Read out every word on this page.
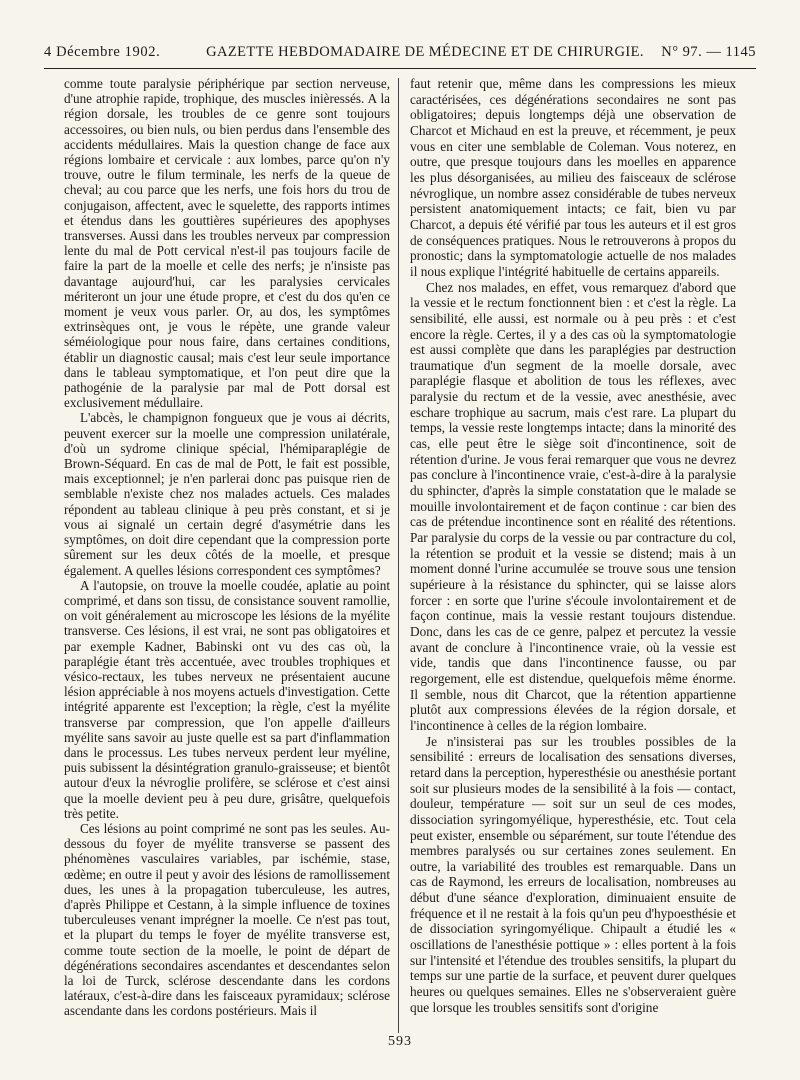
4 Décembre 1902.	GAZETTE HEBDOMADAIRE DE MÉDECINE ET DE CHIRURGIE.	N° 97. — 1145

comme toute paralysie périphérique par section nerveuse, d'une atrophie rapide, trophique, des muscles inièressés. A la région dorsale, les troubles de ce genre sont toujours accessoires, ou bien nuls, ou bien perdus dans l'ensemble des accidents médullaires. Mais la question change de face aux régions lombaire et cervicale : aux lombes, parce qu'on n'y trouve, outre le filum terminale, les nerfs de la queue de cheval; au cou parce que les nerfs, une fois hors du trou de conjugaison, affectent, avec le squelette, des rapports intimes et étendus dans les gouttières supérieures des apophyses transverses. Aussi dans les troubles nerveux par compression lente du mal de Pott cervical n'est-il pas toujours facile de faire la part de la moelle et celle des nerfs; je n'insiste pas davantage aujourd'hui, car les paralysies cervicales mériteront un jour une étude propre, et c'est du dos qu'en ce moment je veux vous parler. Or, au dos, les symptômes extrinsèques ont, je vous le répète, une grande valeur séméiologique pour nous faire, dans certaines conditions, établir un diagnostic causal; mais c'est leur seule importance dans le tableau symptomatique, et l'on peut dire que la pathogénie de la paralysie par mal de Pott dorsal est exclusivement médullaire.

L'abcès, le champignon fongueux que je vous ai décrits, peuvent exercer sur la moelle une compression unilatérale, d'où un sydrome clinique spécial, l'hémiparaplégie de Brown-Séquard. En cas de mal de Pott, le fait est possible, mais exceptionnel; je n'en parlerai donc pas puisque rien de semblable n'existe chez nos malades actuels. Ces malades répondent au tableau clinique à peu près constant, et si je vous ai signalé un certain degré d'asymétrie dans les symptômes, on doit dire cependant que la compression porte sûrement sur les deux côtés de la moelle, et presque également. A quelles lésions correspondent ces symptômes?

A l'autopsie, on trouve la moelle coudée, aplatie au point comprimé, et dans son tissu, de consistance souvent ramollie, on voit généralement au microscope les lésions de la myélite transverse. Ces lésions, il est vrai, ne sont pas obligatoires et par exemple Kadner, Babinski ont vu des cas où, la paraplégie étant très accentuée, avec troubles trophiques et vésico-rectaux, les tubes nerveux ne présentaient aucune lésion appréciable à nos moyens actuels d'investigation. Cette intégrité apparente est l'exception; la règle, c'est la myélite transverse par compression, que l'on appelle d'ailleurs myélite sans savoir au juste quelle est sa part d'inflammation dans le processus. Les tubes nerveux perdent leur myéline, puis subissent la désintégration granulo-graisseuse; et bientôt autour d'eux la névroglie prolifère, se sclérose et c'est ainsi que la moelle devient peu à peu dure, grisâtre, quelquefois très petite.

Ces lésions au point comprimé ne sont pas les seules. Au-dessous du foyer de myélite transverse se passent des phénomènes vasculaires variables, par ischémie, stase, œdème; en outre il peut y avoir des lésions de ramollissement dues, les unes à la propagation tuberculeuse, les autres, d'après Philippe et Cestann, à la simple influence de toxines tuberculeuses venant imprégner la moelle. Ce n'est pas tout, et la plupart du temps le foyer de myélite transverse est, comme toute section de la moelle, le point de départ de dégénérations secondaires ascendantes et descendantes selon la loi de Turck, sclérose descendante dans les cordons latéraux, c'est-à-dire dans les faisceaux pyramidaux; sclérose ascendante dans les cordons postérieurs. Mais il

faut retenir que, même dans les compressions les mieux caractérisées, ces dégénérations secondaires ne sont pas obligatoires; depuis longtemps déjà une observation de Charcot et Michaud en est la preuve, et récemment, je peux vous en citer une semblable de Coleman. Vous noterez, en outre, que presque toujours dans les moelles en apparence les plus désorganisées, au milieu des faisceaux de sclérose névroglique, un nombre assez considérable de tubes nerveux persistent anatomiquement intacts; ce fait, bien vu par Charcot, a depuis été vérifié par tous les auteurs et il est gros de conséquences pratiques. Nous le retrouverons à propos du pronostic; dans la symptomatologie actuelle de nos malades il nous explique l'intégrité habituelle de certains appareils.

Chez nos malades, en effet, vous remarquez d'abord que la vessie et le rectum fonctionnent bien : et c'est la règle. La sensibilité, elle aussi, est normale ou à peu près : et c'est encore la règle. Certes, il y a des cas où la symptomatologie est aussi complète que dans les paraplégies par destruction traumatique d'un segment de la moelle dorsale, avec paraplégie flasque et abolition de tous les réflexes, avec paralysie du rectum et de la vessie, avec anesthésie, avec eschare trophique au sacrum, mais c'est rare. La plupart du temps, la vessie reste longtemps intacte; dans la minorité des cas, elle peut être le siège soit d'incontinence, soit de rétention d'urine. Je vous ferai remarquer que vous ne devrez pas conclure à l'incontinence vraie, c'est-à-dire à la paralysie du sphincter, d'après la simple constatation que le malade se mouille involontairement et de façon continue : car bien des cas de prétendue incontinence sont en réalité des rétentions. Par paralysie du corps de la vessie ou par contracture du col, la rétention se produit et la vessie se distend; mais à un moment donné l'urine accumulée se trouve sous une tension supérieure à la résistance du sphincter, qui se laisse alors forcer : en sorte que l'urine s'écoule involontairement et de façon continue, mais la vessie restant toujours distendue. Donc, dans les cas de ce genre, palpez et percutez la vessie avant de conclure à l'incontinence vraie, où la vessie est vide, tandis que dans l'incontinence fausse, ou par regorgement, elle est distendue, quelquefois même énorme. Il semble, nous dit Charcot, que la rétention appartienne plutôt aux compressions élevées de la région dorsale, et l'incontinence à celles de la région lombaire.

Je n'insisterai pas sur les troubles possibles de la sensibilité : erreurs de localisation des sensations diverses, retard dans la perception, hyperesthésie ou anesthésie portant soit sur plusieurs modes de la sensibilité à la fois — contact, douleur, température — soit sur un seul de ces modes, dissociation syringomyélique, hyperesthésie, etc. Tout cela peut exister, ensemble ou séparément, sur toute l'étendue des membres paralysés ou sur certaines zones seulement. En outre, la variabilité des troubles est remarquable. Dans un cas de Raymond, les erreurs de localisation, nombreuses au début d'une séance d'exploration, diminuaient ensuite de fréquence et il ne restait à la fois qu'un peu d'hypoesthésie et de dissociation syringomyélique. Chipault a étudié les « oscillations de l'anesthésie pottique » : elles portent à la fois sur l'intensité et l'étendue des troubles sensitifs, la plupart du temps sur une partie de la surface, et peuvent durer quelques heures ou quelques semaines. Elles ne s'observeraient guère que lorsque les troubles sensitifs sont d'origine

593
